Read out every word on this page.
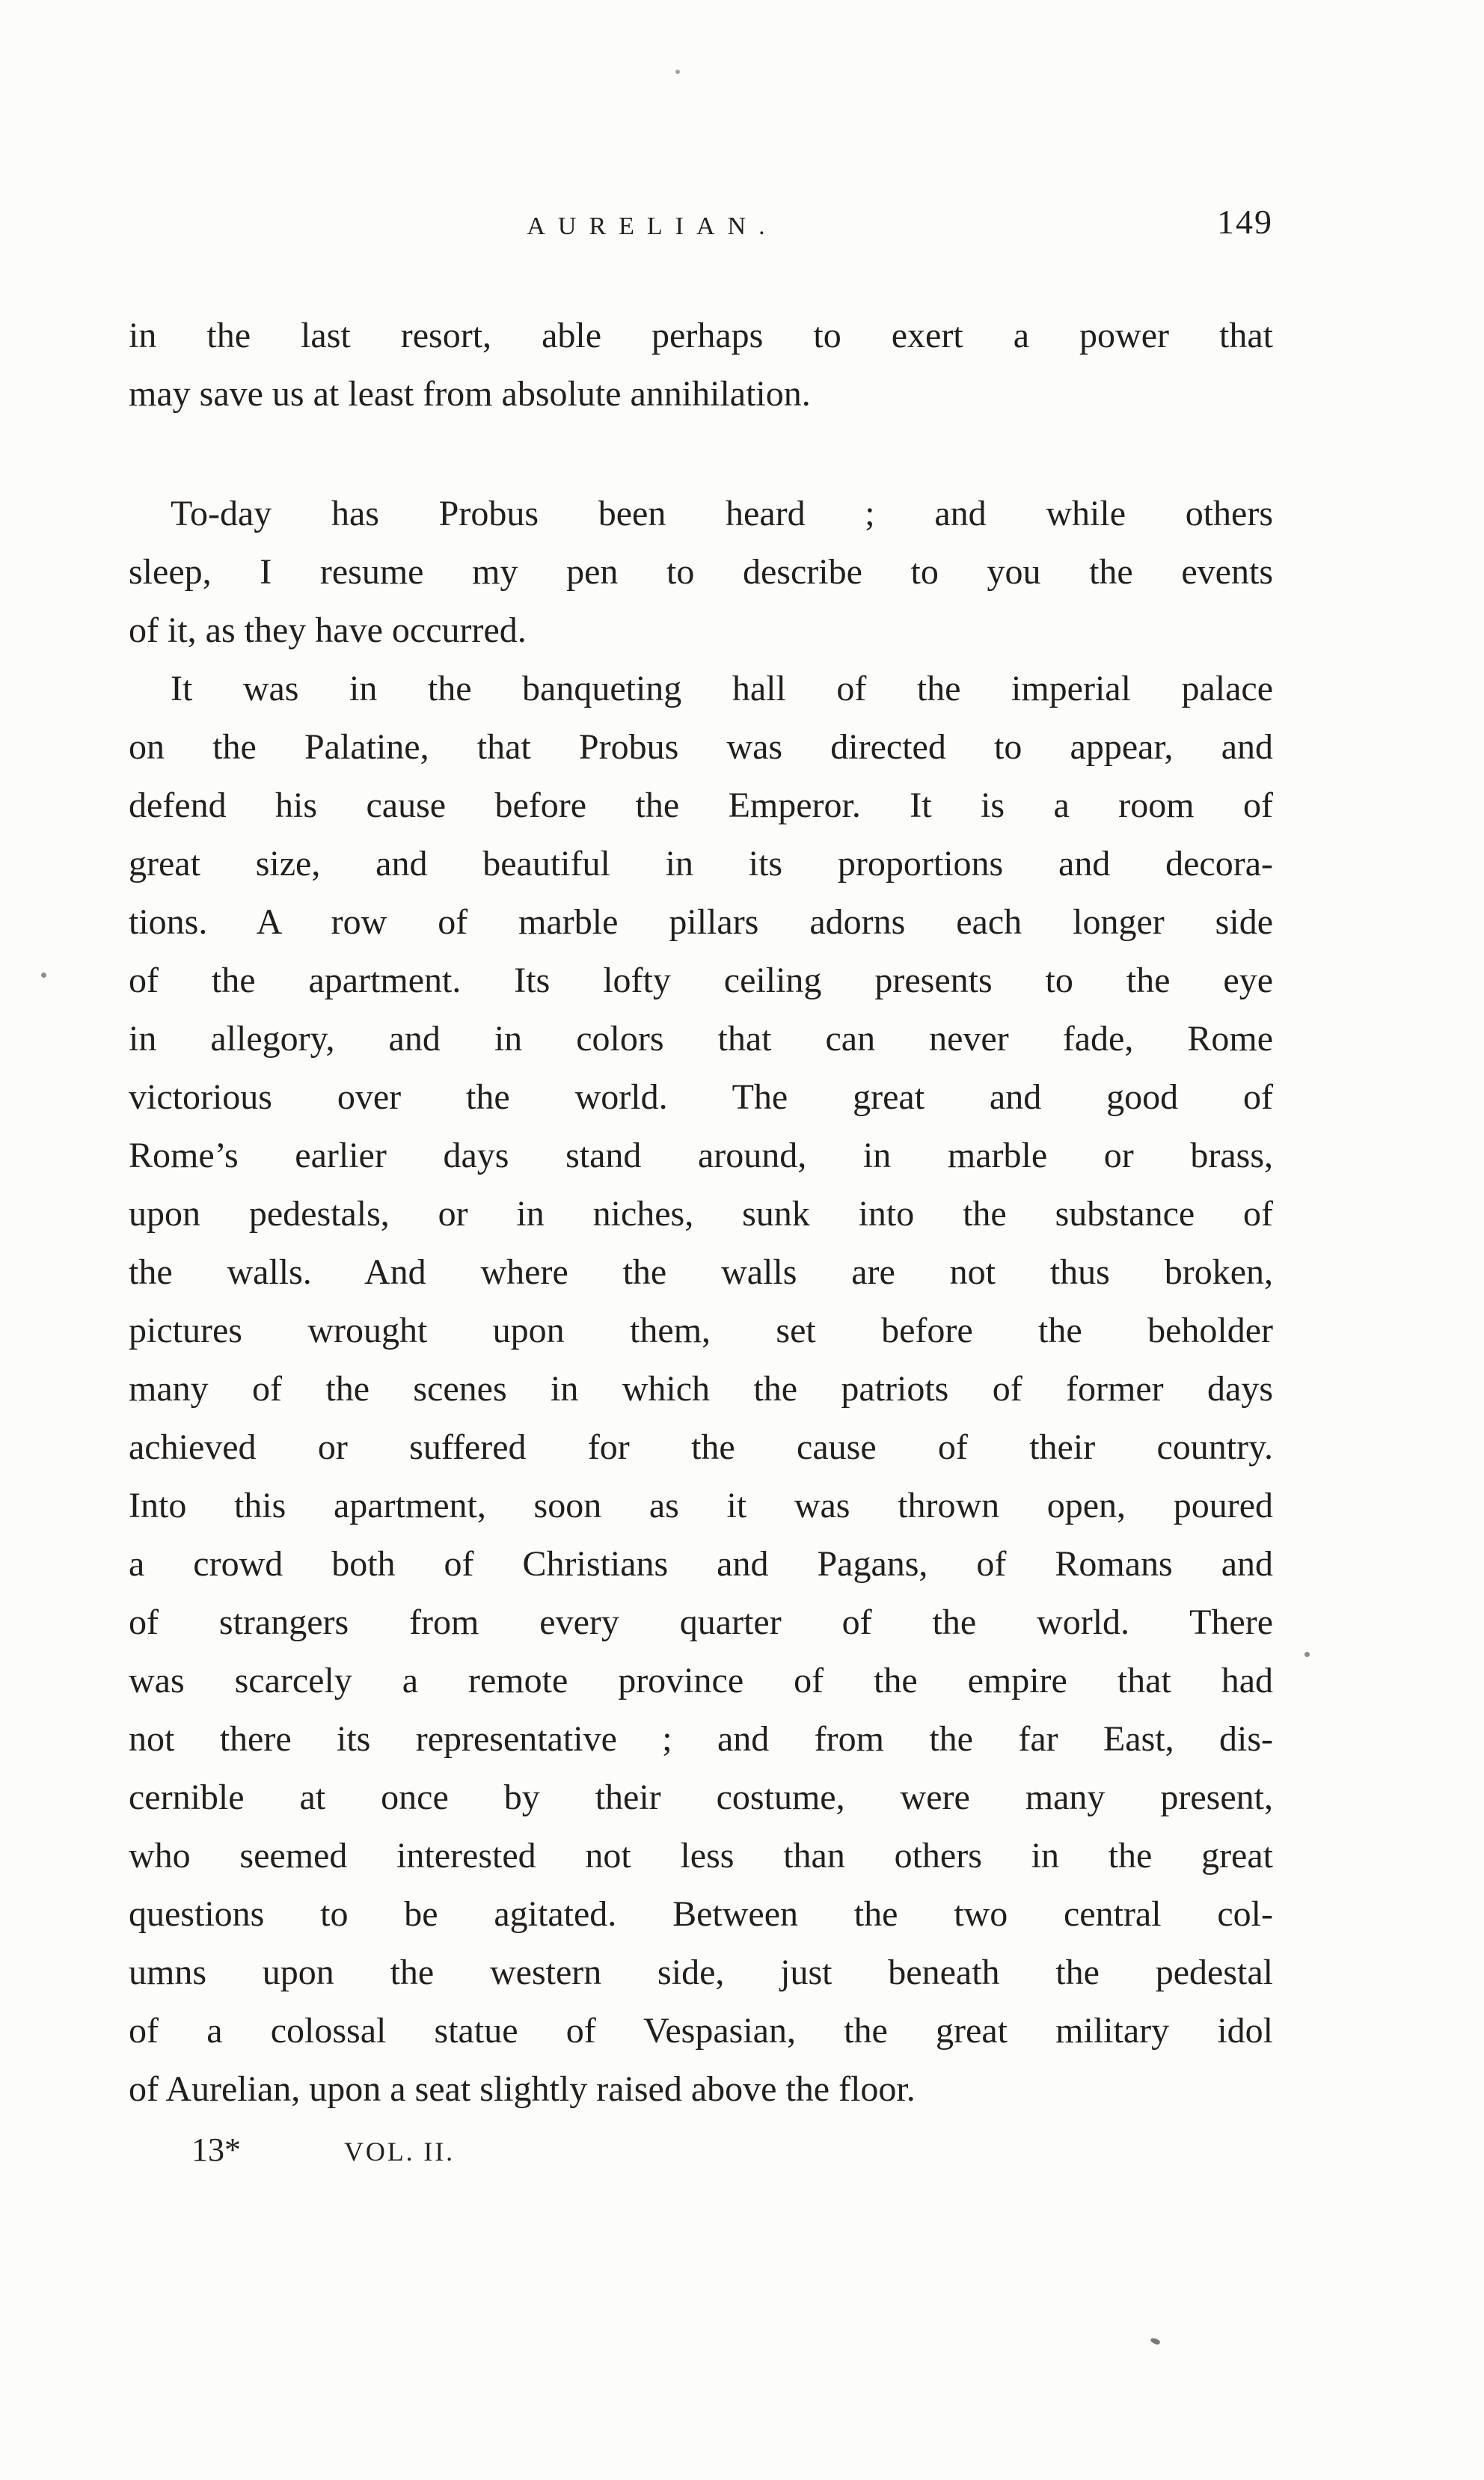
AURELIAN.	149
in the last resort, able perhaps to exert a power that
may save us at least from absolute annihilation.
To-day has Probus been heard ; and while others
sleep, I resume my pen to describe to you the events
of it, as they have occurred.
It was in the banqueting hall of the imperial palace
on the Palatine, that Probus was directed to appear, and
defend his cause before the Emperor. It is a room of
great size, and beautiful in its proportions and decora-
tions. A row of marble pillars adorns each longer side
of the apartment. Its lofty ceiling presents to the eye
in allegory, and in colors that can never fade, Rome
victorious over the world. The great and good of
Rome’s earlier days stand around, in marble or brass,
upon pedestals, or in niches, sunk into the substance of
the walls. And where the walls are not thus broken,
pictures wrought upon them, set before the beholder
many of the scenes in which the patriots of former days
achieved or suffered for the cause of their country.
Into this apartment, soon as it was thrown open, poured
a crowd both of Christians and Pagans, of Romans and
of strangers from every quarter of the world. There
was scarcely a remote province of the empire that had
not there its representative ; and from the far East, dis-
cernible at once by their costume, were many present,
who seemed interested not less than others in the great
questions to be agitated. Between the two central col-
umns upon the western side, just beneath the pedestal
of a colossal statue of Vespasian, the great military idol
of Aurelian, upon a seat slightly raised above the floor.
13*	VOL. II.
